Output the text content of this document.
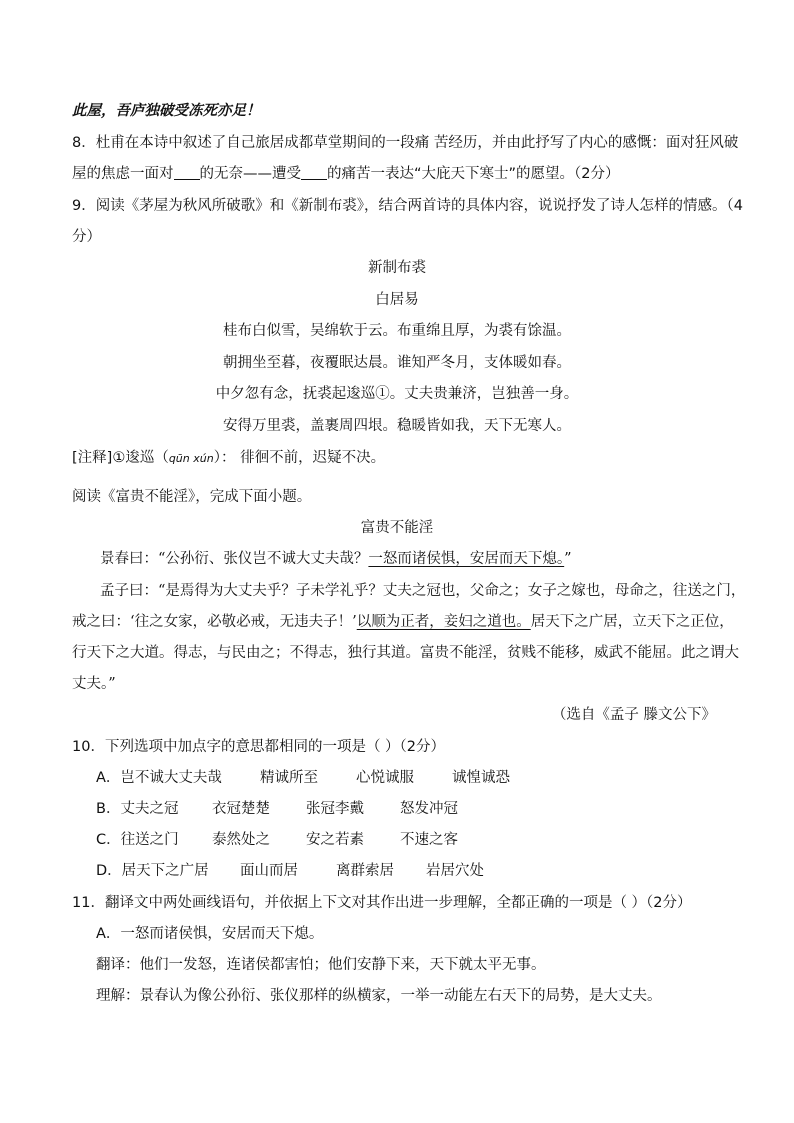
此屋，吾庐独破受冻死亦足！
8．杜甫在本诗中叙述了自己旅居成都草堂期间的一段痛 苦经历，并由此抒写了内心的感慨：面对狂风破
屋的焦虑一面对 的无奈——遭受 的痛苦一表达“大庇天下寒士”的愿望。（2分）
9．阅读《茅屋为秋风所破歌》和《新制布裘》，结合两首诗的具体内容，说说抒发了诗人怎样的情感。（4
分）
新制布裘
白居易
桂布白似雪，吴绵软于云。布重绵且厚，为裘有馀温。
朝拥坐至暮，夜覆眠达晨。谁知严冬月，支体暖如春。
中夕忽有念，抚裘起逡巡①。丈夫贵兼济，岂独善一身。
安得万里裘，盖裹周四垠。稳暖皆如我，天下无寒人。
[注释]①逡巡（qūn xún）： 徘徊不前，迟疑不决。
阅读《富贵不能淫》，完成下面小题。
富贵不能淫
景春曰：“公孙衍、张仪岂不诚大丈夫哉？一怒而诸侯惧，安居而天下熄。”
孟子曰：“是焉得为大丈夫乎？子未学礼乎？丈夫之冠也，父命之；女子之嫁也，母命之，往送之门，
戒之曰：‘往之女家，必敬必戒，无违夫子！’以顺为正者，妾妇之道也。居天下之广居，立天下之正位，
行天下之大道。得志，与民由之；不得志，独行其道。富贵不能淫，贫贱不能移，威武不能屈。此之谓大
丈夫。”
（选自《孟子 滕文公下》
10．下列选项中加点字的意思都相同的一项是（ ）（2分）
A．岂不诚大丈夫哉	精诚所至	心悦诚服	诚惶诚恐
B．丈夫之冠 衣冠楚楚 张冠李戴 怒发冲冠
C．往送之门 泰然处之 安之若素 不速之客
D．居天下之广居 面山而居	离群索居 岩居穴处
11．翻译文中两处画线语句，并依据上下文对其作出进一步理解，全都正确的一项是（ ）（2分）
A．一怒而诸侯惧，安居而天下熄。
翻译：他们一发怒，连诸侯都害怕；他们安静下来，天下就太平无事。
理解：景春认为像公孙衍、张仪那样的纵横家，一举一动能左右天下的局势，是大丈夫。
